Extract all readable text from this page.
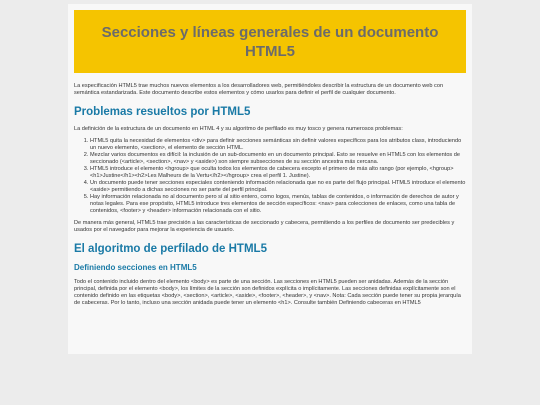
Secciones y líneas generales de un documento HTML5

La especificación HTML5 trae muchos nuevos elementos a los desarrolladores web, permitiéndoles describir la estructura de un documento web con semántica estandarizada. Este documento describe estos elementos y cómo usarlos para definir el perfil de cualquier documento.

Problemas resueltos por HTML5

La definición de la estructura de un documento en HTML 4 y su algoritmo de perfilado es muy tosco y genera numerosos problemas:

1. HTML5 quita la necesidad de elementos <div> para definir secciones semánticas sin definir valores específicos para los atributos class, introduciendo un nuevo elemento, <section>, el elemento de sección HTML.
2. Mezclar varios documentos es difícil: la inclusión de un sub-documento en un documento principal. Esto se resuelve en HTML5 con los elementos de seccionado (<article>, <section>, <nav> y <aside>) son siempre subsecciones de su sección ancestra más cercana.
3. HTML5 introduce el elemento <hgroup> que oculta todos los elementos de cabecera excepto el primero de más alto rango (por ejemplo, <hgroup><h1>Justine</h1><h2>Les Malheurs de la Vertu</h2></hgroup> crea el perfil 1. Justine).
4. Un documento puede tener secciones especiales conteniendo información relacionada que no es parte del flujo principal. HTML5 introduce el elemento <aside> permitiendo a dichas secciones no ser parte del perfil principal.
5. Hay información relacionada no al documento pero sí al sitio entero, como logos, menús, tablas de contenidos, o información de derechos de autor y notas legales. Para ese propósito, HTML5 introduce tres elementos de sección específicos: <nav> para colecciones de enlaces, como una tabla de contenidos, <footer> y <header> información relacionada con el sitio.

De manera más general, HTML5 trae precisión a las características de seccionado y cabecera, permitiendo a los perfiles de documento ser predecibles y usados por el navegador para mejorar la experiencia de usuario.

El algoritmo de perfilado de HTML5
Definiendo secciones en HTML5

Todo el contenido incluido dentro del elemento <body> es parte de una sección. Las secciones en HTML5 pueden ser anidadas. Además de la sección principal, definida por el elemento <body>, los límites de la sección son definidos explícita o implícitamente. Las secciones definidas explícitamente son el contenido definido en las etiquetas <body>, <section>, <article>, <aside>, <footer>, <header>, y <nav>. Nota: Cada sección puede tener su propia jerarquía de cabeceras. Por lo tanto, incluso una sección anidada puede tener un elemento <h1>. Consulte también Definiendo cabeceras en HTML5
